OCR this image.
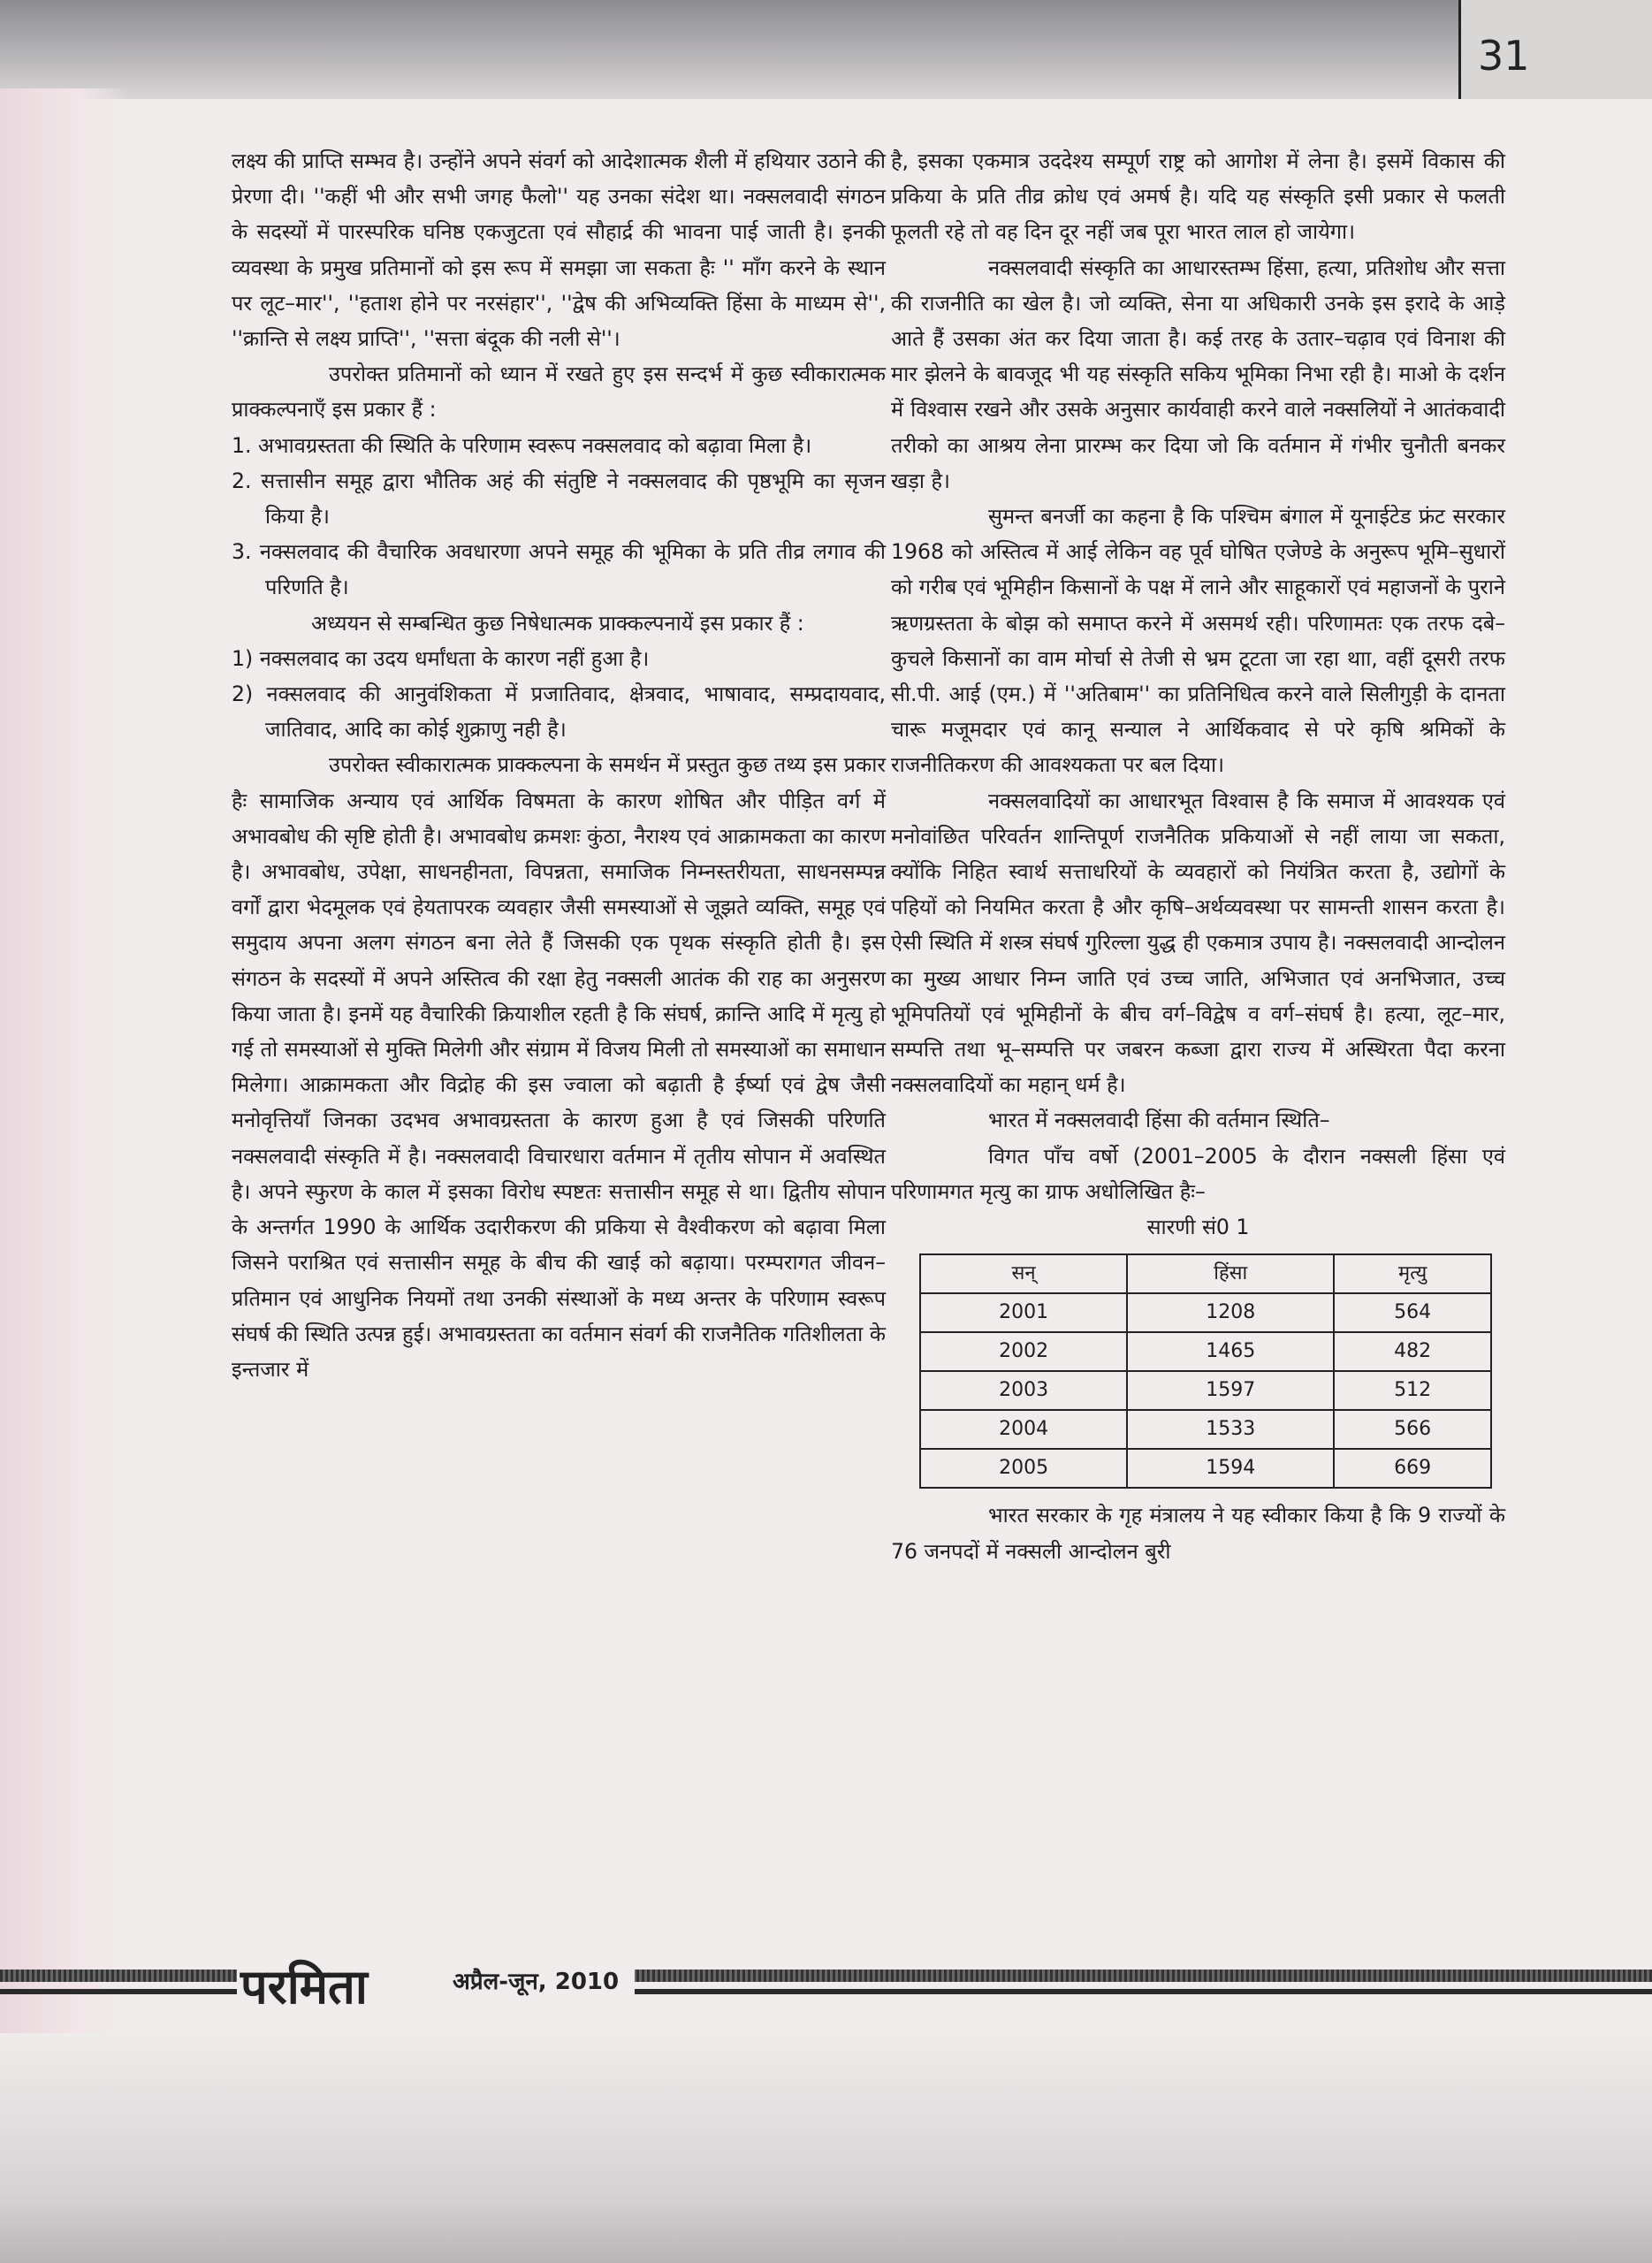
31

लक्ष्य की प्राप्ति सम्भव है। उन्होंने अपने संवर्ग को आदेशात्मक शैली में हथियार उठाने की प्रेरणा दी। ''कहीं भी और सभी जगह फैलो'' यह उनका संदेश था। नक्सलवादी संगठन के सदस्यों में पारस्परिक घनिष्ठ एकजुटता एवं सौहार्द्र की भावना पाई जाती है। इनकी व्यवस्था के प्रमुख प्रतिमानों को इस रूप में समझा जा सकता हैः '' माँग करने के स्थान पर लूट–मार'', ''हताश होने पर नरसंहार'', ''द्वेष की अभिव्यक्ति हिंसा के माध्यम से'', ''क्रान्ति से लक्ष्य प्राप्ति'', ''सत्ता बंदूक की नली से''।

उपरोक्त प्रतिमानों को ध्यान में रखते हुए इस सन्दर्भ में कुछ स्वीकारात्मक प्राक्कल्पनाएँ इस प्रकार हैं :

1. अभावग्रस्तता की स्थिति के परिणाम स्वरूप नक्सलवाद को बढ़ावा मिला है।

2. सत्तासीन समूह द्वारा भौतिक अहं की संतुष्टि ने नक्सलवाद की पृष्ठभूमि का सृजन किया है।

3. नक्सलवाद की वैचारिक अवधारणा अपने समूह की भूमिका के प्रति तीव्र लगाव की परिणति है।

अध्ययन से सम्बन्धित कुछ निषेधात्मक प्राक्कल्पनायें इस प्रकार हैं :

1) नक्सलवाद का उदय धर्मांधता के कारण नहीं हुआ है।

2) नक्सलवाद की आनुवंशिकता में प्रजातिवाद, क्षेत्रवाद, भाषावाद, सम्प्रदायवाद, जातिवाद, आदि का कोई शुक्राणु नही है।

उपरोक्त स्वीकारात्मक प्राक्कल्पना के समर्थन में प्रस्तुत कुछ तथ्य इस प्रकार हैः सामाजिक अन्याय एवं आर्थिक विषमता के कारण शोषित और पीड़ित वर्ग में अभावबोध की सृष्टि होती है। अभावबोध क्रमशः कुंठा, नैराश्य एवं आक्रामकता का कारण है। अभावबोध, उपेक्षा, साधनहीनता, विपन्नता, समाजिक निम्नस्तरीयता, साधनसम्पन्न वर्गों द्वारा भेदमूलक एवं हेयतापरक व्यवहार जैसी समस्याओं से जूझते व्यक्ति, समूह एवं समुदाय अपना अलग संगठन बना लेते हैं जिसकी एक पृथक संस्कृति होती है। इस संगठन के सदस्यों में अपने अस्तित्व की रक्षा हेतु नक्सली आतंक की राह का अनुसरण किया जाता है। इनमें यह वैचारिकी क्रियाशील रहती है कि संघर्ष, क्रान्ति आदि में मृत्यु हो गई तो समस्याओं से मुक्ति मिलेगी और संग्राम में विजय मिली तो समस्याओं का समाधान मिलेगा। आक्रामकता और विद्रोह की इस ज्वाला को बढ़ाती है ईर्ष्या एवं द्वेष जैसी मनोवृत्तियॉं जिनका उदभव अभावग्रस्तता के कारण हुआ है एवं जिसकी परिणति नक्सलवादी संस्कृति में है। नक्सलवादी विचारधारा वर्तमान में तृतीय सोपान में अवस्थित है। अपने स्फुरण के काल में इसका विरोध स्पष्टतः सत्तासीन समूह से था। द्वितीय सोपान के अन्तर्गत 1990 के आर्थिक उदारीकरण की प्रकिया से वैश्वीकरण को बढ़ावा मिला जिसने पराश्रित एवं सत्तासीन समूह के बीच की खाई को बढ़ाया। परम्परागत जीवन–प्रतिमान एवं आधुनिक नियमों तथा उनकी संस्थाओं के मध्य अन्तर के परिणाम स्वरूप संघर्ष की स्थिति उत्पन्न हुई। अभावग्रस्तता का वर्तमान संवर्ग की राजनैतिक गतिशीलता के इन्तजार में

है, इसका एकमात्र उददेश्य सम्पूर्ण राष्ट्र को आगोश में लेना है। इसमें विकास की प्रकिया के प्रति तीव्र क्रोध एवं अमर्ष है। यदि यह संस्कृति इसी प्रकार से फलती फूलती रहे तो वह दिन दूर नहीं जब पूरा भारत लाल हो जायेगा।

नक्सलवादी संस्कृति का आधारस्तम्भ हिंसा, हत्या, प्रतिशोध और सत्ता की राजनीति का खेल है। जो व्यक्ति, सेना या अधिकारी उनके इस इरादे के आड़े आते हैं उसका अंत कर दिया जाता है। कई तरह के उतार–चढ़ाव एवं विनाश की मार झेलने के बावजूद भी यह संस्कृति सकिय भूमिका निभा रही है। माओ के दर्शन में विश्वास रखने और उसके अनुसार कार्यवाही करने वाले नक्सलियों ने आतंकवादी तरीको का आश्रय लेना प्रारम्भ कर दिया जो कि वर्तमान में गंभीर चुनौती बनकर खड़ा है।

सुमन्त बनर्जी का कहना है कि पश्चिम बंगाल में यूनाईटेड फ्रंट सरकार 1968 को अस्तित्व में आई लेकिन वह पूर्व घोषित एजेण्डे के अनुरूप भूमि–सुधारों को गरीब एवं भूमिहीन किसानों के पक्ष में लाने और साहूकारों एवं महाजनों के पुराने ऋणग्रस्तता के बोझ को समाप्त करने में असमर्थ रही। परिणामतः एक तरफ दबे–कुचले किसानों का वाम मोर्चा से तेजी से भ्रम टूटता जा रहा थाा, वहीं दूसरी तरफ सी.पी. आई (एम.) में ''अतिबाम'' का प्रतिनिधित्व करने वाले सिलीगुड़ी के दानता चारू मजूमदार एवं कानू सन्याल ने आर्थिकवाद से परे कृषि श्रमिकों के राजनीतिकरण की आवश्यकता पर बल दिया।

नक्सलवादियों का आधारभूत विश्वास है कि समाज में आवश्यक एवं मनोवांछित परिवर्तन शान्तिपूर्ण राजनैतिक प्रकियाओं से नहीं लाया जा सकता, क्योंकि निहित स्वार्थ सत्ताधरियों के व्यवहारों को नियंत्रित करता है, उद्योगों के पहियों को नियमित करता है और कृषि–अर्थव्यवस्था पर सामन्ती शासन करता है। ऐसी स्थिति में शस्त्र संघर्ष गुरिल्ला युद्ध ही एकमात्र उपाय है। नक्सलवादी आन्दोलन का मुख्य आधार निम्न जाति एवं उच्च जाति, अभिजात एवं अनभिजात, उच्च भूमिपतियों एवं भूमिहीनों के बीच वर्ग–विद्वेष व वर्ग–संघर्ष है। हत्या, लूट–मार, सम्पत्ति तथा भू–सम्पत्ति पर जबरन कब्जा द्वारा राज्य में अस्थिरता पैदा करना नक्सलवादियों का महान् धर्म है।

भारत में नक्सलवादी हिंसा की वर्तमान स्थिति–

विगत पाँच वर्षो (2001–2005 के दौरान नक्सली हिंसा एवं परिणामगत मृत्यु का ग्राफ अधोलिखित हैः–

सारणी सं0 1

सन्	हिंसा	मृत्यु
2001	1208	564
2002	1465	482
2003	1597	512
2004	1533	566
2005	1594	669

भारत सरकार के गृह मंत्रालय ने यह स्वीकार किया है कि 9 राज्यों के 76 जनपदों में नक्सली आन्दोलन बुरी

परमिता	अप्रैल-जून, 2010
